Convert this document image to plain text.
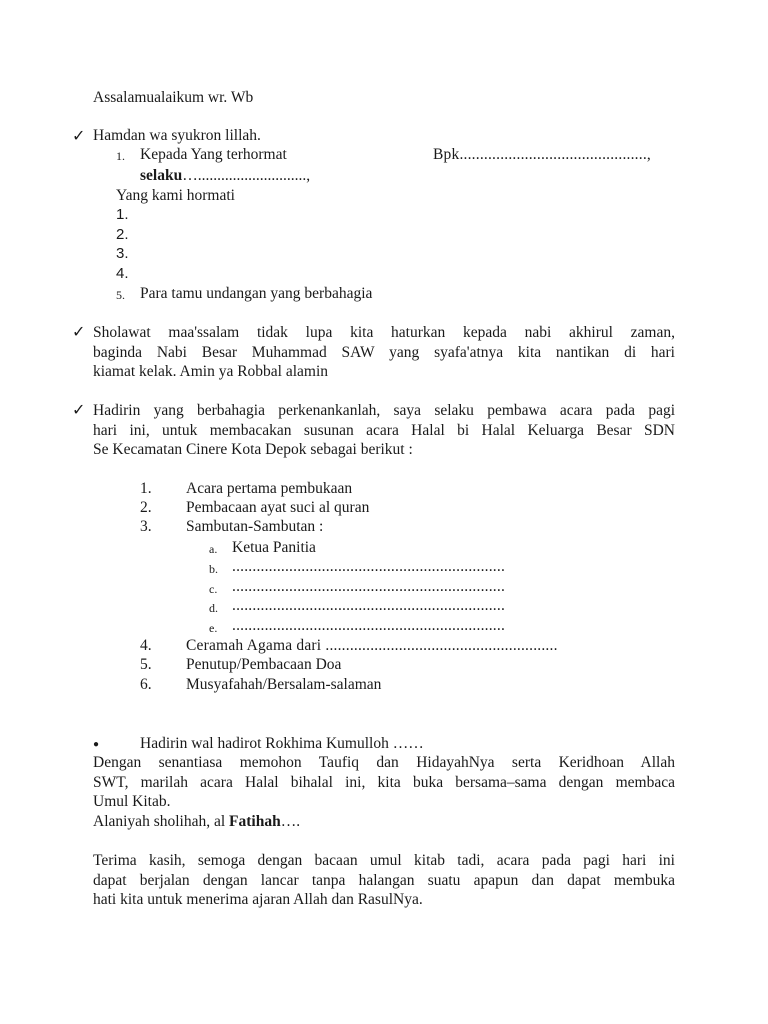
Assalamualaikum wr. Wb
✓ Hamdan wa syukron lillah.
1. Kepada Yang terhormat	Bpk..............................................,
selaku…............................,
Yang kami hormati
1.
2.
3.
4.
5. Para tamu undangan yang berbahagia
✓ Sholawat maa'ssalam tidak lupa kita haturkan kepada nabi akhirul zaman,
baginda Nabi Besar Muhammad SAW yang syafa'atnya kita nantikan di hari
kiamat kelak. Amin ya Robbal alamin
✓ Hadirin yang berbahagia perkenankanlah, saya selaku pembawa acara pada pagi
hari ini, untuk membacakan susunan acara Halal bi Halal Keluarga Besar SDN
Se Kecamatan Cinere Kota Depok sebagai berikut :
1. Acara pertama pembukaan
2. Pembacaan ayat suci al quran
3. Sambutan-Sambutan :
a. Ketua Panitia
b. ...................................................................
c. ...................................................................
d. ...................................................................
e. ...................................................................
4. Ceramah Agama dari .........................................................
5. Penutup/Pembacaan Doa
6. Musyafahah/Bersalam-salaman
●	Hadirin wal hadirot Rokhima Kumulloh ……
Dengan senantiasa memohon Taufiq dan HidayahNya serta Keridhoan Allah
SWT, marilah acara Halal bihalal ini, kita buka bersama–sama dengan membaca
Umul Kitab.
Alaniyah sholihah, al Fatihah….
Terima kasih, semoga dengan bacaan umul kitab tadi, acara pada pagi hari ini
dapat berjalan dengan lancar tanpa halangan suatu apapun dan dapat membuka
hati kita untuk menerima ajaran Allah dan RasulNya.
